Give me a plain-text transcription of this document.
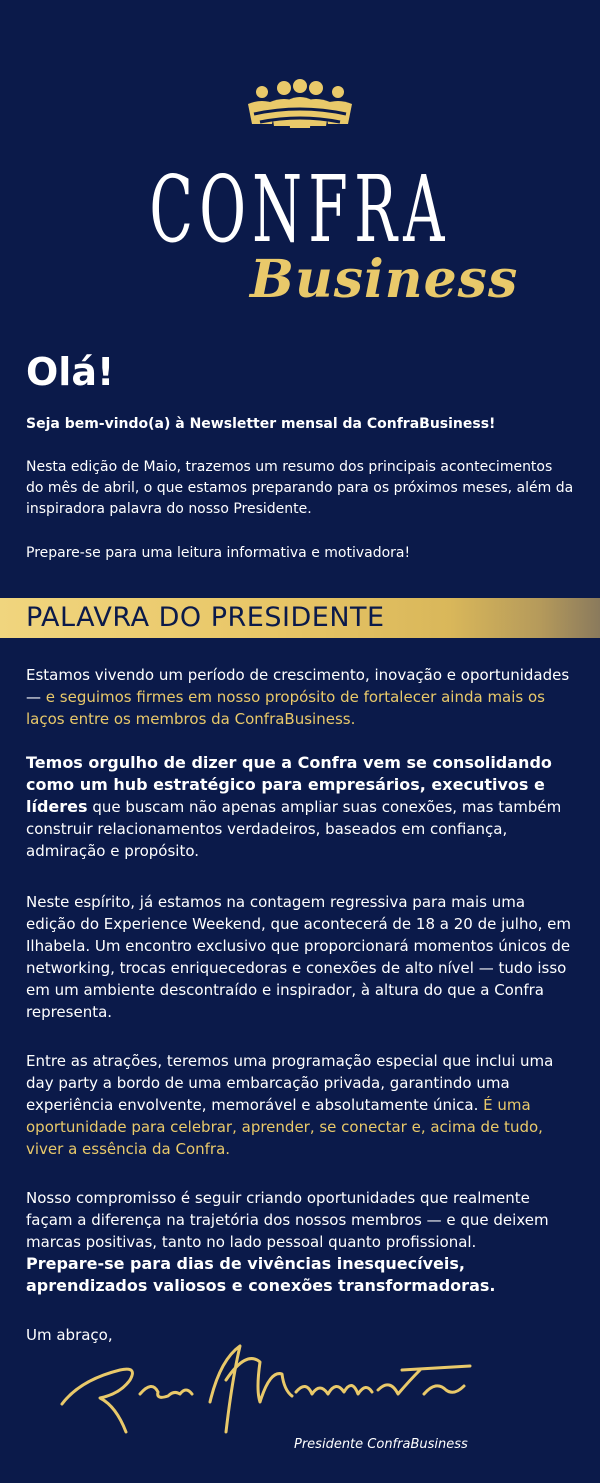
CONFRA
Business
Olá!

Seja bem-vindo(a) à Newsletter mensal da ConfraBusiness!

Nesta edição de Maio, trazemos um resumo dos principais acontecimentos do mês de abril, o que estamos preparando para os próximos meses, além da inspiradora palavra do nosso Presidente.

Prepare-se para uma leitura informativa e motivadora!

PALAVRA DO PRESIDENTE

Estamos vivendo um período de crescimento, inovação e oportunidades — e seguimos firmes em nosso propósito de fortalecer ainda mais os laços entre os membros da ConfraBusiness.

Temos orgulho de dizer que a Confra vem se consolidando como um hub estratégico para empresários, executivos e líderes que buscam não apenas ampliar suas conexões, mas também construir relacionamentos verdadeiros, baseados em confiança, admiração e propósito.

Neste espírito, já estamos na contagem regressiva para mais uma edição do Experience Weekend, que acontecerá de 18 a 20 de julho, em Ilhabela. Um encontro exclusivo que proporcionará momentos únicos de networking, trocas enriquecedoras e conexões de alto nível — tudo isso em um ambiente descontraído e inspirador, à altura do que a Confra representa.

Entre as atrações, teremos uma programação especial que inclui uma day party a bordo de uma embarcação privada, garantindo uma experiência envolvente, memorável e absolutamente única. É uma oportunidade para celebrar, aprender, se conectar e, acima de tudo, viver a essência da Confra.

Nosso compromisso é seguir criando oportunidades que realmente façam a diferença na trajetória dos nossos membros — e que deixem marcas positivas, tanto no lado pessoal quanto profissional.
Prepare-se para dias de vivências inesquecíveis, aprendizados valiosos e conexões transformadoras.

Um abraço,

Presidente ConfraBusiness
